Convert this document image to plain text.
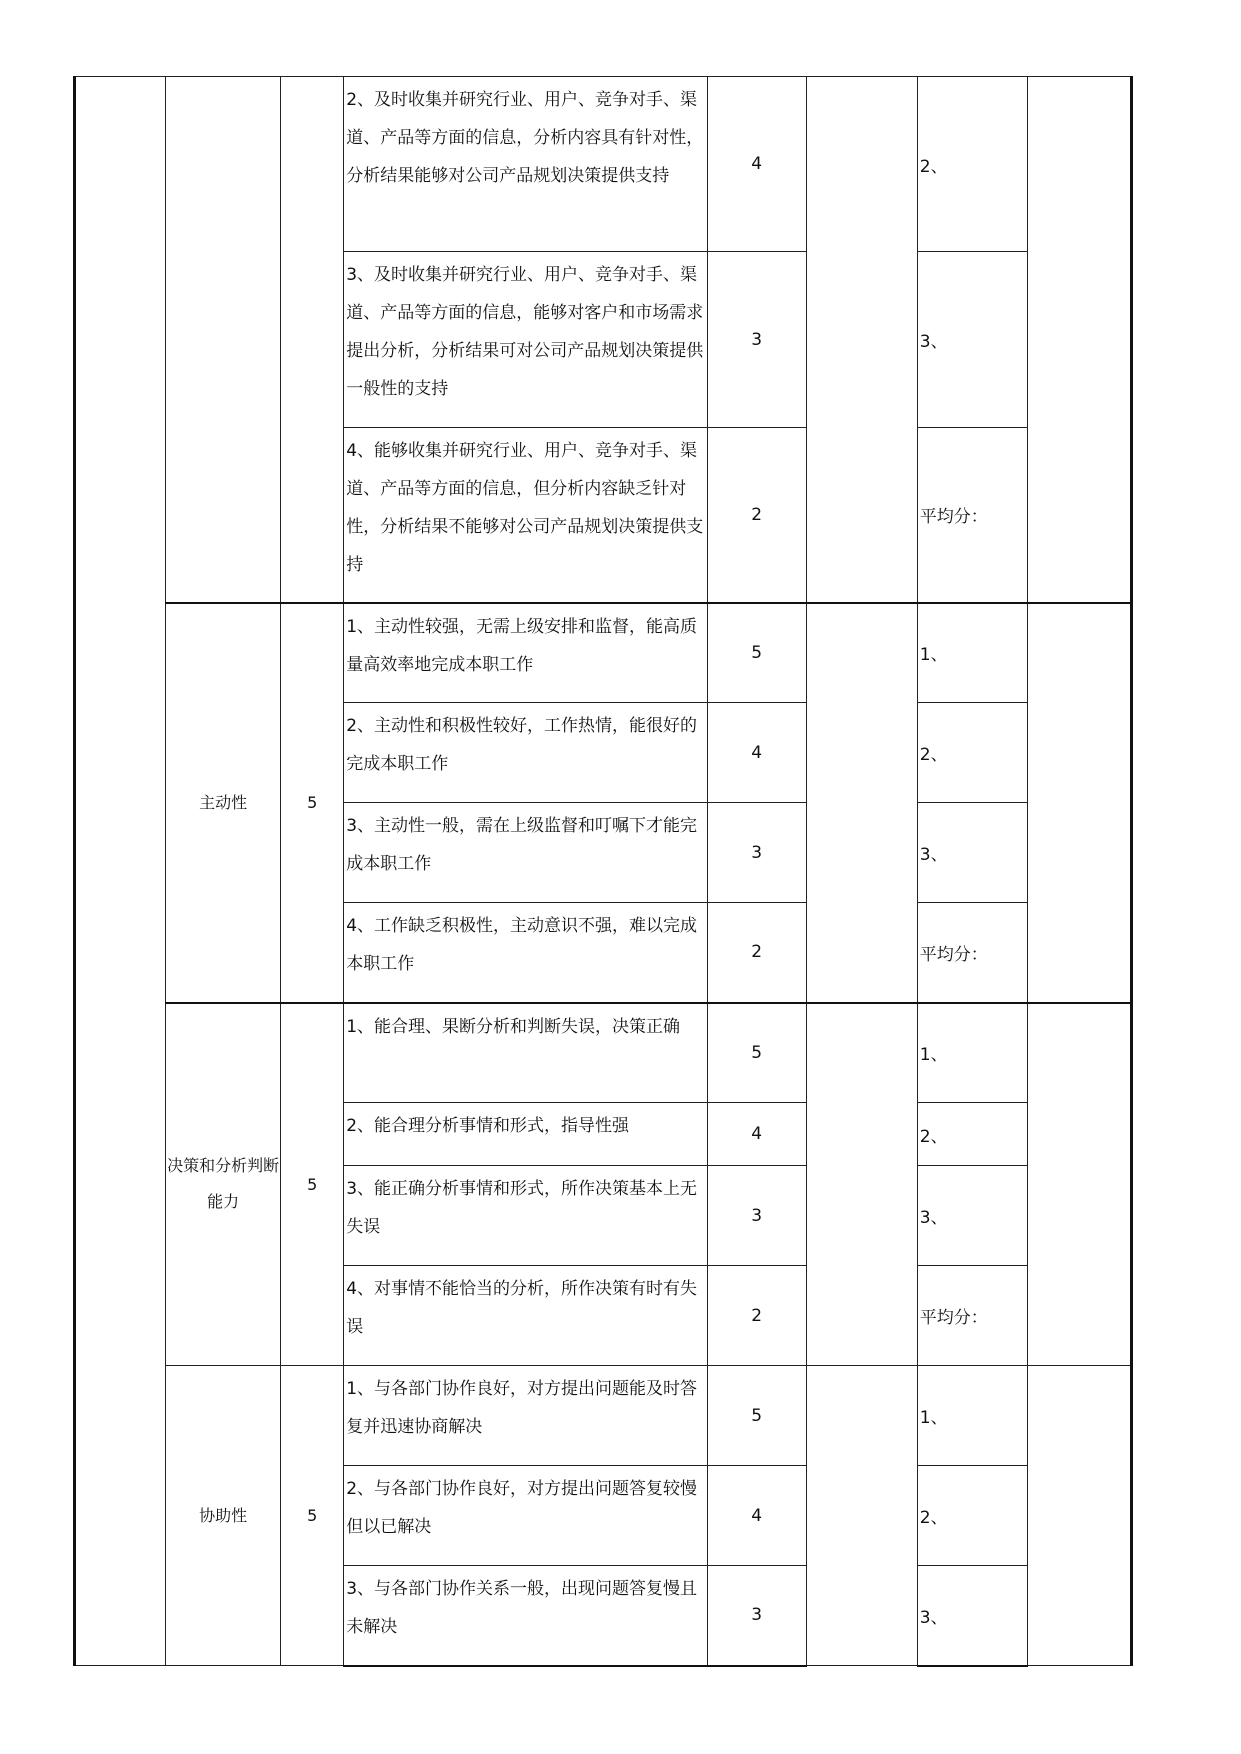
			2、及时收集并研究行业、用户、竞争对手、渠道、产品等方面的信息，分析内容具有针对性，分析结果能够对公司产品规划决策提供支持	4		2、	
			3、及时收集并研究行业、用户、竞争对手、渠道、产品等方面的信息，能够对客户和市场需求提出分析，分析结果可对公司产品规划决策提供一般性的支持	3		3、	
			4、能够收集并研究行业、用户、竞争对手、渠道、产品等方面的信息，但分析内容缺乏针对性，分析结果不能够对公司产品规划决策提供支持	2		平均分：	
	主动性	5	1、主动性较强，无需上级安排和监督，能高质量高效率地完成本职工作	5		1、	
			2、主动性和积极性较好，工作热情，能很好的完成本职工作	4		2、	
			3、主动性一般，需在上级监督和叮嘱下才能完成本职工作	3		3、	
			4、工作缺乏积极性，主动意识不强，难以完成本职工作	2		平均分：	
	决策和分析判断能力	5	1、能合理、果断分析和判断失误，决策正确	5		1、	
			2、能合理分析事情和形式，指导性强	4		2、	
			3、能正确分析事情和形式，所作决策基本上无失误	3		3、	
			4、对事情不能恰当的分析，所作决策有时有失误	2		平均分：	
	协助性	5	1、与各部门协作良好，对方提出问题能及时答复并迅速协商解决	5		1、	
			2、与各部门协作良好，对方提出问题答复较慢但以已解决	4		2、	
			3、与各部门协作关系一般，出现问题答复慢且未解决	3		3、	
